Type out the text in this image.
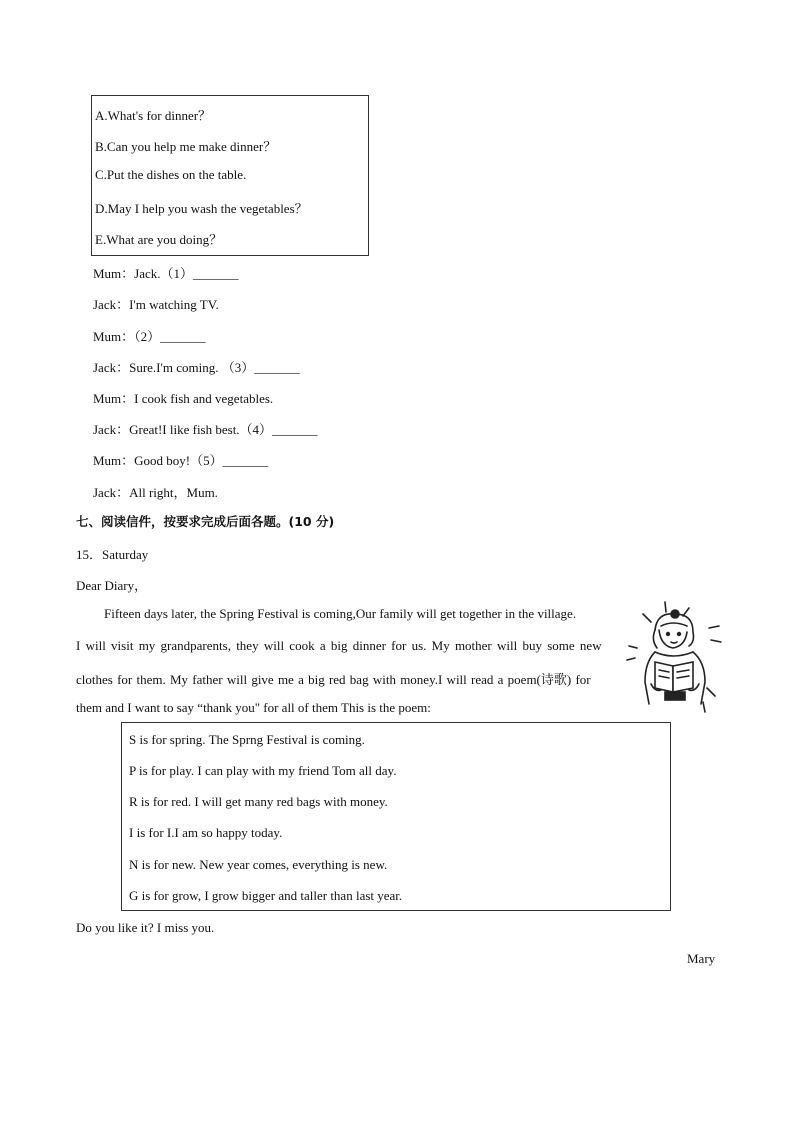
A.What's for dinner？
B.Can you help me make dinner？
C.Put the dishes on the table.
D.May I help you wash the vegetables？
E.What are you doing？
Mum：Jack.（1）_______
Jack：I'm watching TV.
Mum：（2）_______
Jack：Sure.I'm coming. （3）_______
Mum：I cook fish and vegetables.
Jack：Great!I like fish best.（4）_______
Mum：Good boy!（5）_______
Jack：All right，Mum.
七、阅读信件，按要求完成后面各题。(10 分)
15．Saturday
Dear Diary，
Fifteen days later, the Spring Festival is coming,Our family will get together in the village.
I will visit my grandparents, they will cook a big dinner for us. My mother will buy some new
clothes for them. My father will give me a big red bag with money.I will read a poem(诗歌) for
them and I want to say “thank you" for all of them This is the poem:
S is for spring. The Sprng Festival is coming.
P is for play. I can play with my friend Tom all day.
R is for red. I will get many red bags with money.
I is for I.I am so happy today.
N is for new. New year comes, everything is new.
G is for grow, I grow bigger and taller than last year.
Do you like it? I miss you.
Mary
